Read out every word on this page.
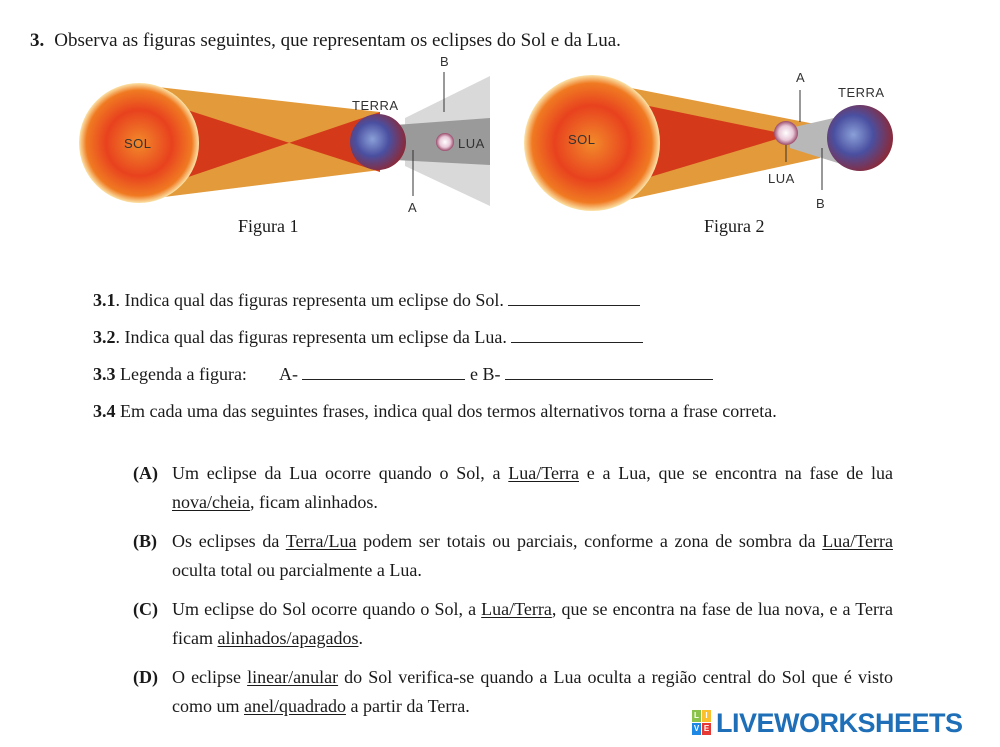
3. Observa as figuras seguintes, que representam os eclipses do Sol e da Lua.
SOL
TERRA
LUA
B
A
SOL
TERRA
LUA
A
B
Figura 1	Figura 2
3.1. Indica qual das figuras representa um eclipse do Sol.
3.2. Indica qual das figuras representa um eclipse da Lua.
3.3 Legenda a figura: A-	e B-
3.4 Em cada uma das seguintes frases, indica qual dos termos alternativos torna a frase correta.
(A) Um eclipse da Lua ocorre quando o Sol, a Lua/Terra e a Lua, que se encontra na fase de lua nova/cheia, ficam alinhados.
(B) Os eclipses da Terra/Lua podem ser totais ou parciais, conforme a zona de sombra da Lua/Terra oculta total ou parcialmente a Lua.
(C) Um eclipse do Sol ocorre quando o Sol, a Lua/Terra, que se encontra na fase de lua nova, e a Terra ficam alinhados/apagados.
(D) O eclipse linear/anular do Sol verifica-se quando a Lua oculta a região central do Sol que é visto como um anel/quadrado a partir da Terra.	L I
V E LIVEWORKSHEETS
